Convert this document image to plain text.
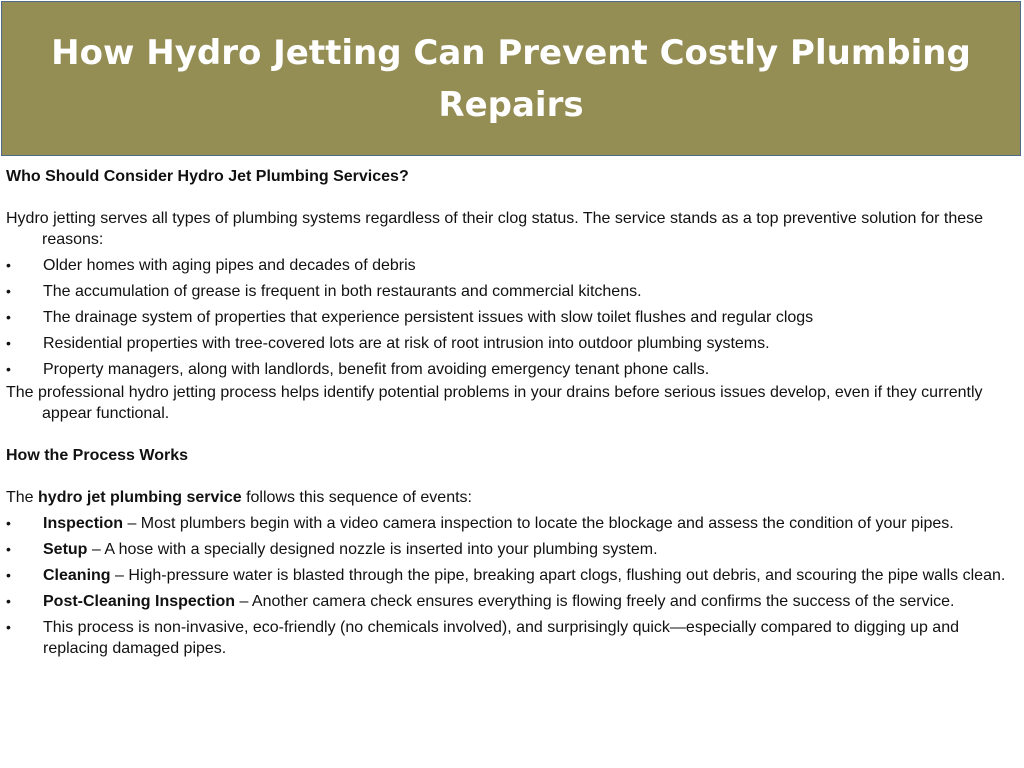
How Hydro Jetting Can Prevent Costly Plumbing Repairs

Who Should Consider Hydro Jet Plumbing Services?

Hydro jetting serves all types of plumbing systems regardless of their clog status. The service stands as a top preventive solution for these reasons:

•	Older homes with aging pipes and decades of debris
•	The accumulation of grease is frequent in both restaurants and commercial kitchens.
•	The drainage system of properties that experience persistent issues with slow toilet flushes and regular clogs
•	Residential properties with tree-covered lots are at risk of root intrusion into outdoor plumbing systems.
•	Property managers, along with landlords, benefit from avoiding emergency tenant phone calls.

The professional hydro jetting process helps identify potential problems in your drains before serious issues develop, even if they currently appear functional.

How the Process Works

The hydro jet plumbing service follows this sequence of events:

•	Inspection – Most plumbers begin with a video camera inspection to locate the blockage and assess the condition of your pipes.
•	Setup – A hose with a specially designed nozzle is inserted into your plumbing system.
•	Cleaning – High-pressure water is blasted through the pipe, breaking apart clogs, flushing out debris, and scouring the pipe walls clean.
•	Post-Cleaning Inspection – Another camera check ensures everything is flowing freely and confirms the success of the service.
•	This process is non-invasive, eco-friendly (no chemicals involved), and surprisingly quick—especially compared to digging up and replacing damaged pipes.
